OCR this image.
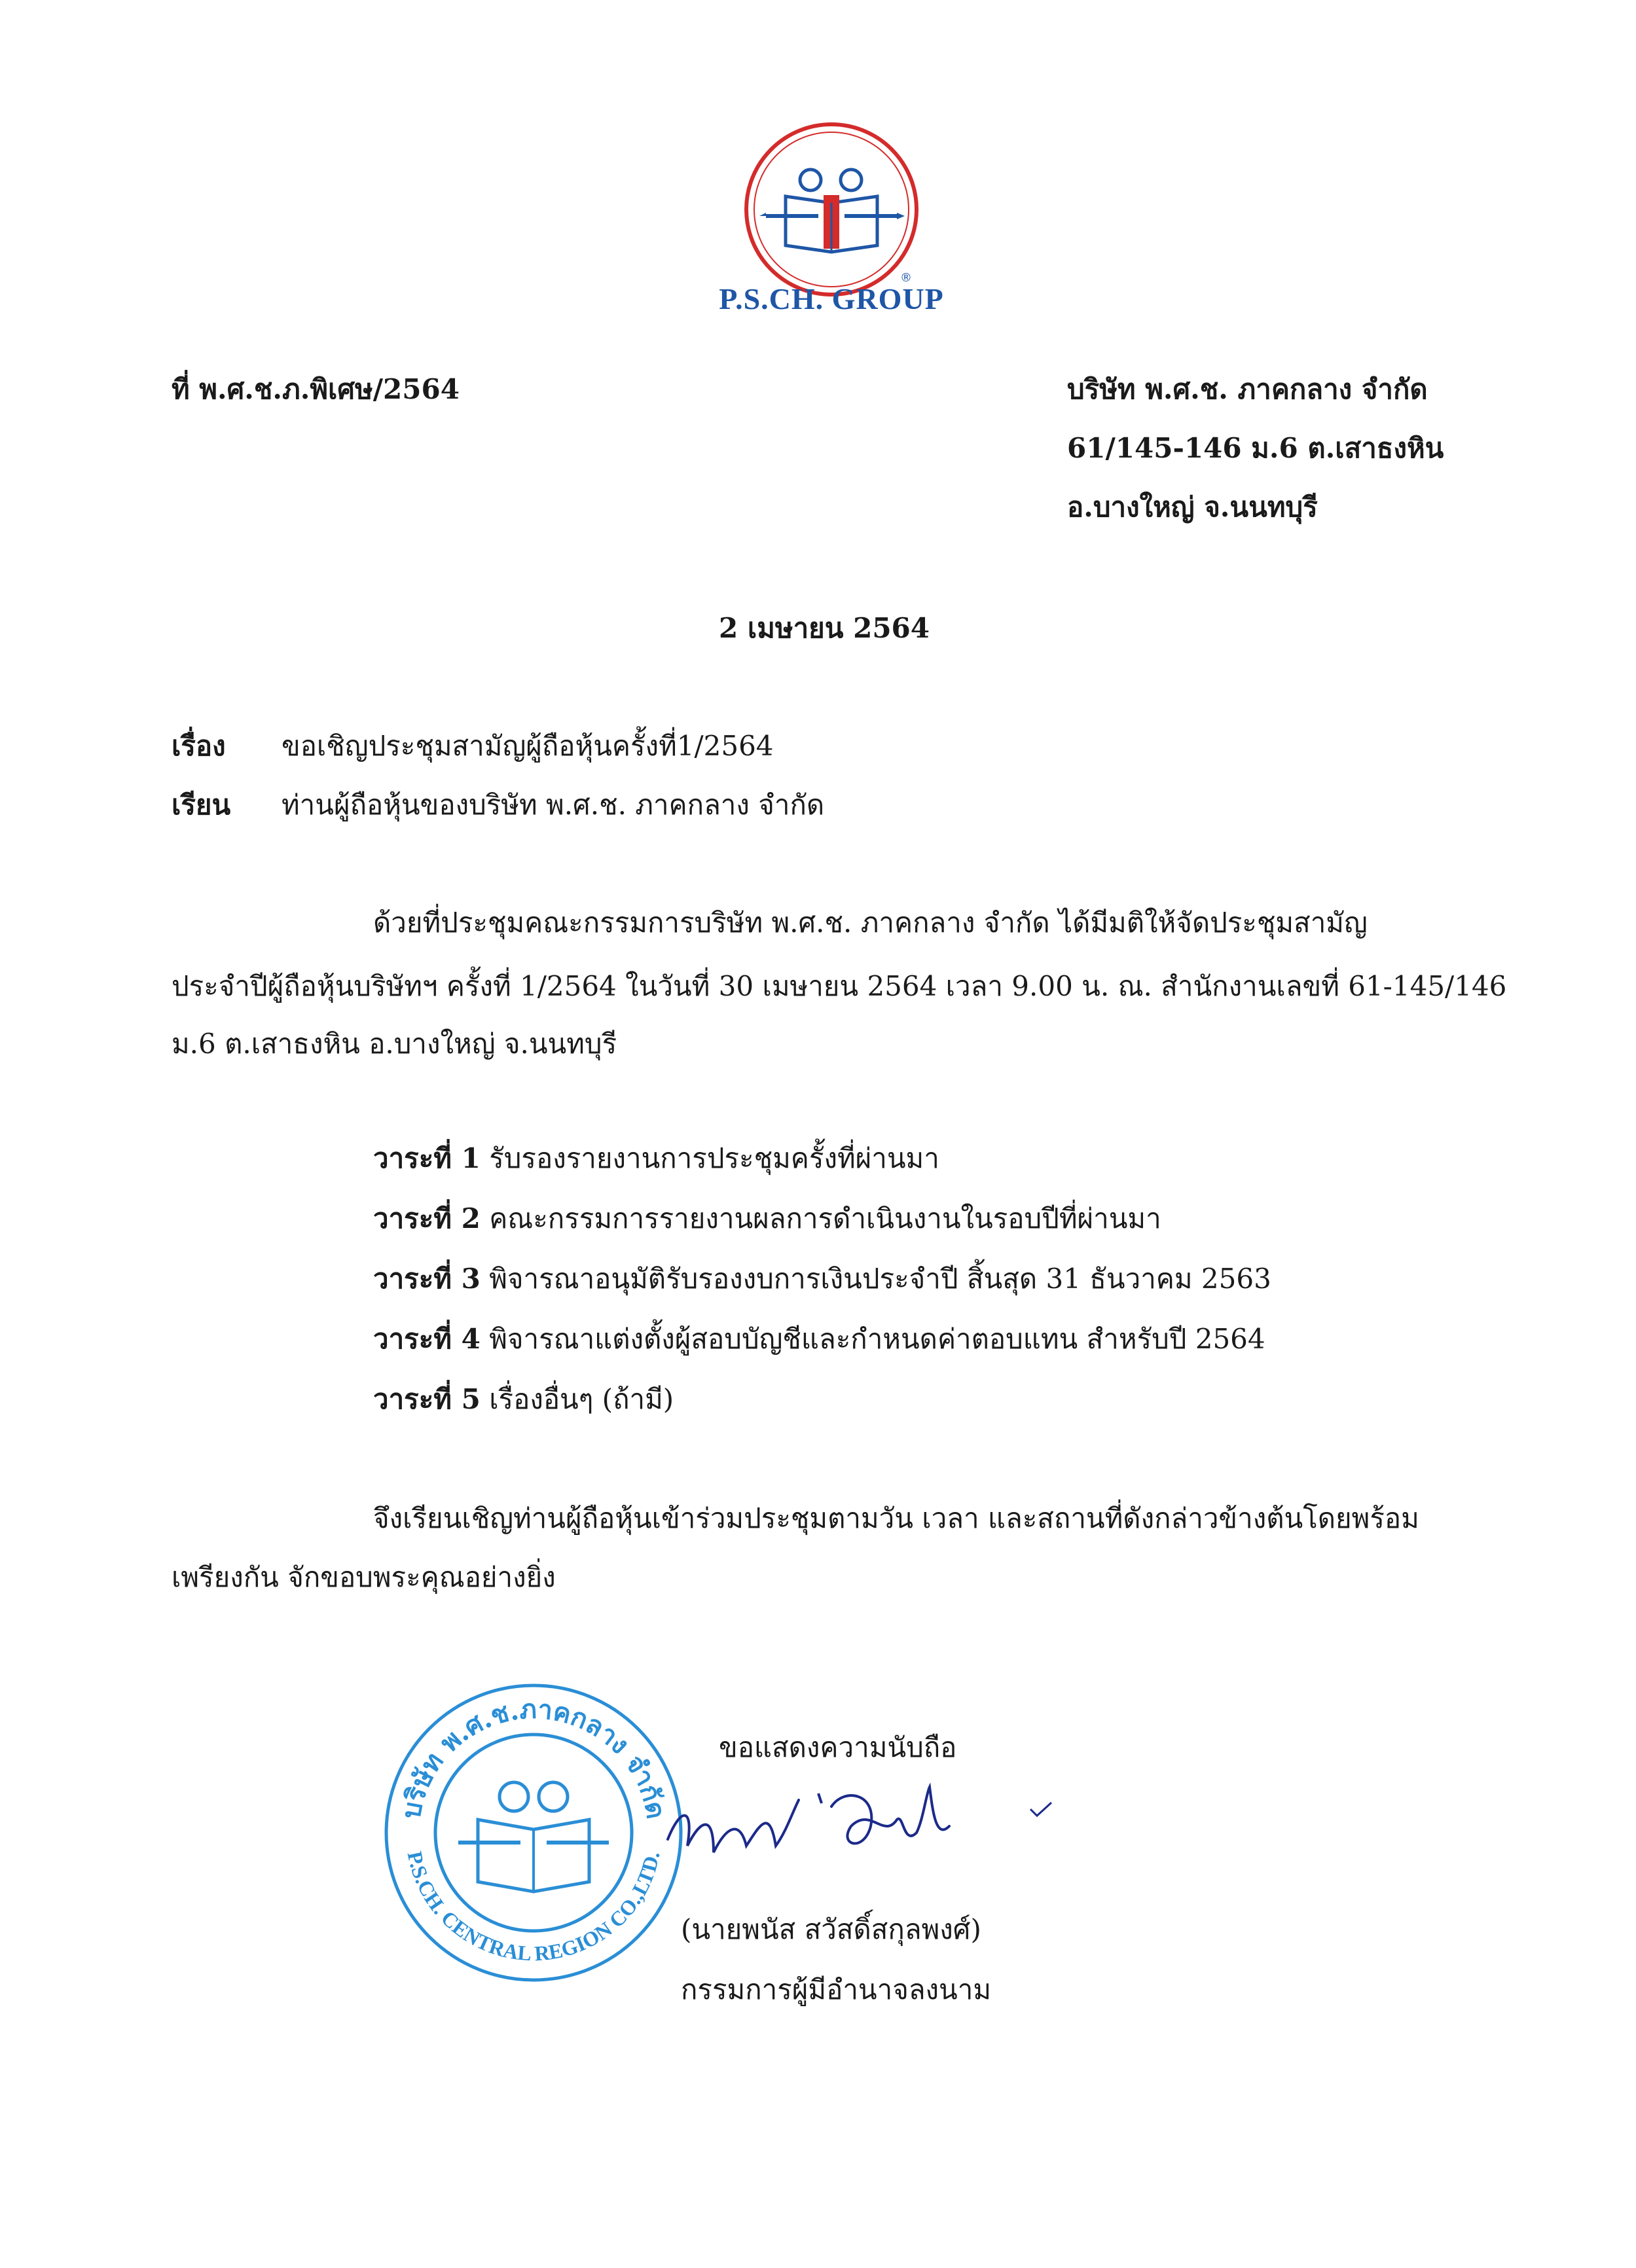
®
P.S.CH. GROUP
ที่ พ.ศ.ช.ภ.พิเศษ/2564	บริษัท พ.ศ.ช. ภาคกลาง จำกัด
61/145-146 ม.6 ต.เสาธงหิน
อ.บางใหญ่ จ.นนทบุรี
2 เมษายน 2564
เรื่อง ขอเชิญประชุมสามัญผู้ถือหุ้นครั้งที่1/2564
เรียน ท่านผู้ถือหุ้นของบริษัท พ.ศ.ช. ภาคกลาง จำกัด
ด้วยที่ประชุมคณะกรรมการบริษัท พ.ศ.ช. ภาคกลาง จำกัด ได้มีมติให้จัดประชุมสามัญ
ประจำปีผู้ถือหุ้นบริษัทฯ ครั้งที่ 1/2564 ในวันที่ 30 เมษายน 2564 เวลา 9.00 น. ณ. สำนักงานเลขที่ 61-145/146
ม.6 ต.เสาธงหิน อ.บางใหญ่ จ.นนทบุรี
วาระที่ 1 รับรองรายงานการประชุมครั้งที่ผ่านมา
วาระที่ 2 คณะกรรมการรายงานผลการดำเนินงานในรอบปีที่ผ่านมา
วาระที่ 3 พิจารณาอนุมัติรับรองงบการเงินประจำปี สิ้นสุด 31 ธันวาคม 2563
วาระที่ 4 พิจารณาแต่งตั้งผู้สอบบัญชีและกำหนดค่าตอบแทน สำหรับปี 2564
วาระที่ 5 เรื่องอื่นๆ (ถ้ามี)
จึงเรียนเชิญท่านผู้ถือหุ้นเข้าร่วมประชุมตามวัน เวลา และสถานที่ดังกล่าวข้างต้นโดยพร้อม
เพรียงกัน จักขอบพระคุณอย่างยิ่ง
บริษัท พ.ศ.ช.ภาคกลาง จำกัด
P.S.CH. CENTRAL REGION CO.,LTD.
ขอแสดงความนับถือ
(นายพนัส สวัสดิ์สกุลพงศ์)
กรรมการผู้มีอำนาจลงนาม
